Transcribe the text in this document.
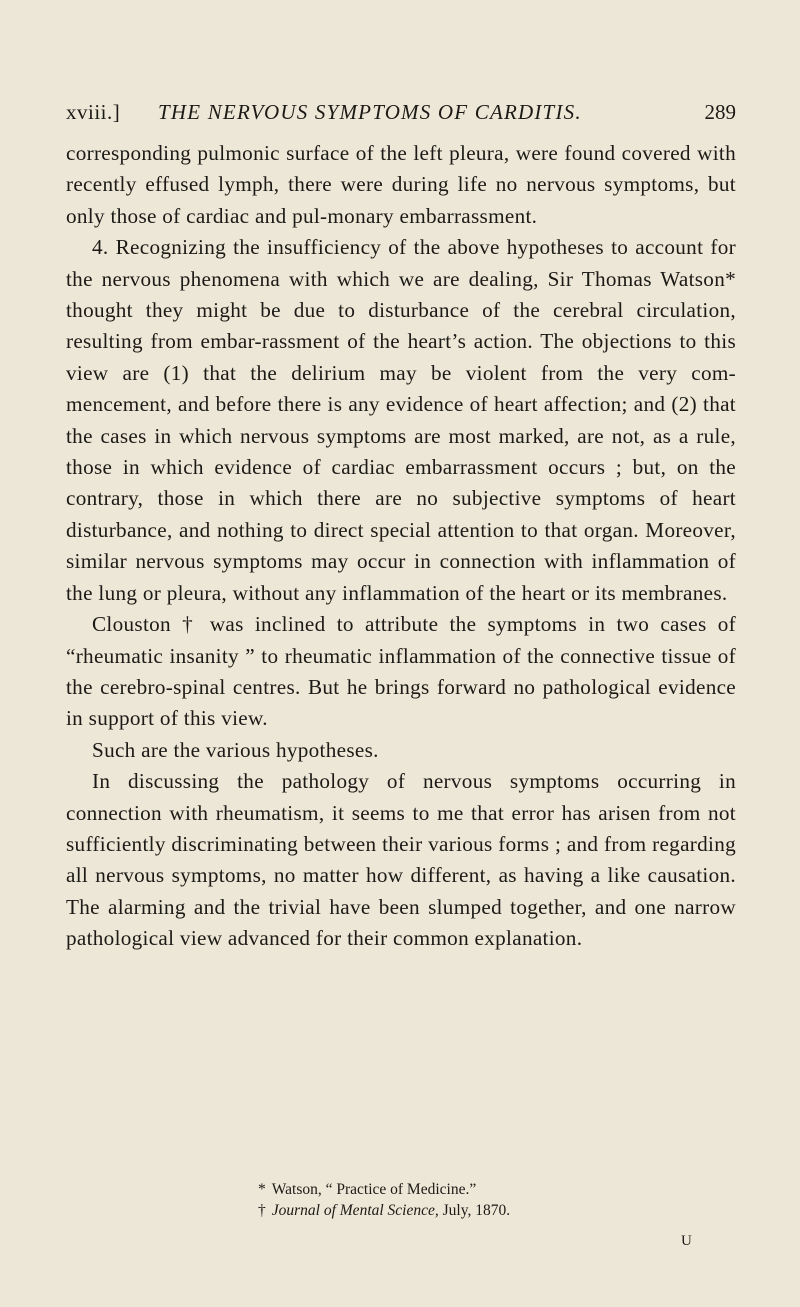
xviii.] THE NERVOUS SYMPTOMS OF CARDITIS.	289

corresponding pulmonic surface of the left pleura, were found covered with recently effused lymph, there were during life no nervous symptoms, but only those of cardiac and pul-monary embarrassment.

4. Recognizing the insufficiency of the above hypotheses to account for the nervous phenomena with which we are dealing, Sir Thomas Watson* thought they might be due to disturbance of the cerebral circulation, resulting from embar-rassment of the heart’s action. The objections to this view are (1) that the delirium may be violent from the very com-mencement, and before there is any evidence of heart affection; and (2) that the cases in which nervous symptoms are most marked, are not, as a rule, those in which evidence of cardiac embarrassment occurs ; but, on the contrary, those in which there are no subjective symptoms of heart disturbance, and nothing to direct special attention to that organ. Moreover, similar nervous symptoms may occur in connection with inflammation of the lung or pleura, without any inflammation of the heart or its membranes.

Clouston † was inclined to attribute the symptoms in two cases of “rheumatic insanity ” to rheumatic inflammation of the connective tissue of the cerebro-spinal centres. But he brings forward no pathological evidence in support of this view.

Such are the various hypotheses.

In discussing the pathology of nervous symptoms occurring in connection with rheumatism, it seems to me that error has arisen from not sufficiently discriminating between their various forms ; and from regarding all nervous symptoms, no matter how different, as having a like causation. The alarming and the trivial have been slumped together, and one narrow pathological view advanced for their common explanation.

* Watson, “ Practice of Medicine.”
† Journal of Mental Science, July, 1870.
U
